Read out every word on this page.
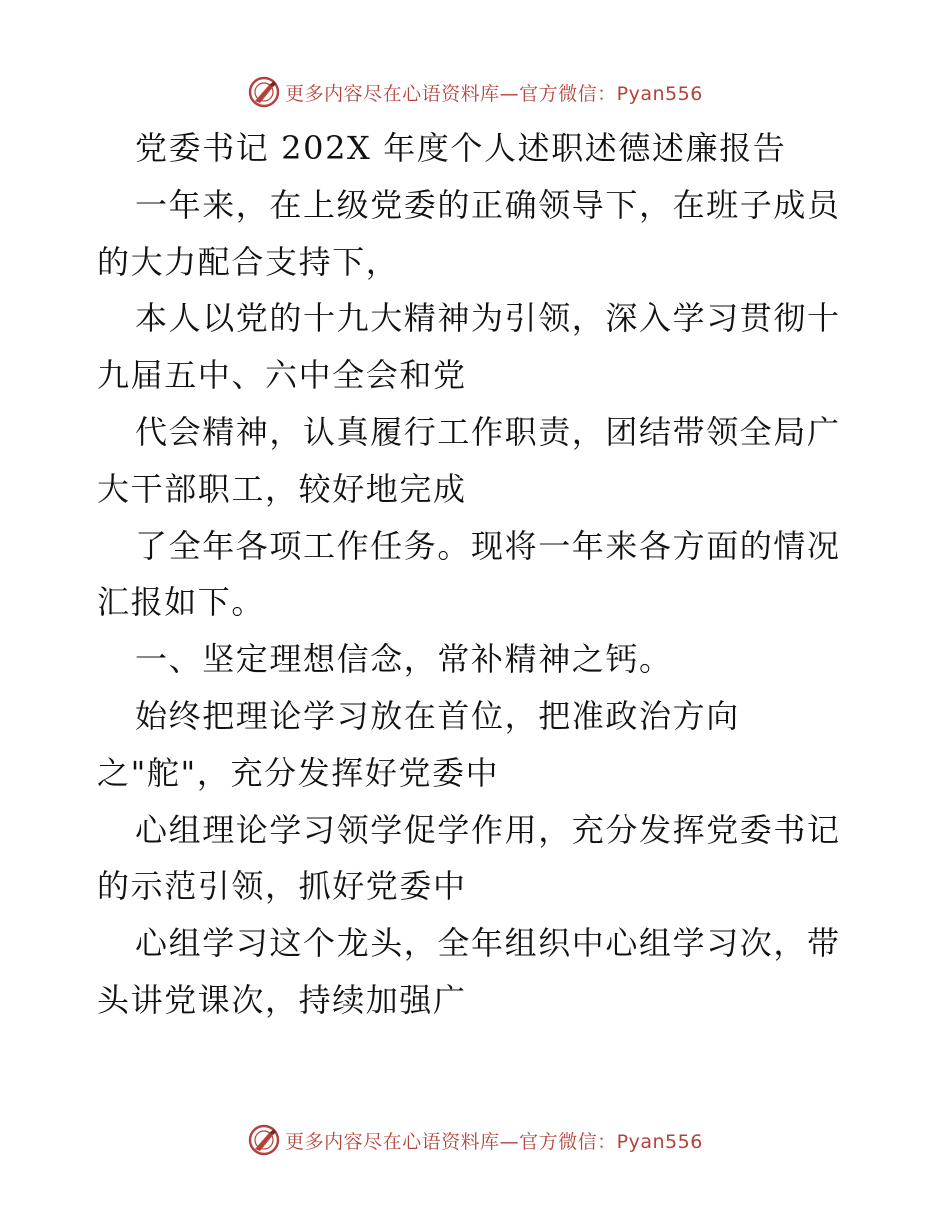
更多内容尽在心语资料库—官方微信：Pyan556
党委书记 202X 年度个人述职述德述廉报告
一年来，在上级党委的正确领导下，在班子成员
的大力配合支持下，
本人以党的十九大精神为引领，深入学习贯彻十
九届五中、六中全会和党
代会精神，认真履行工作职责，团结带领全局广
大干部职工，较好地完成
了全年各项工作任务。现将一年来各方面的情况
汇报如下。
一、坚定理想信念，常补精神之钙。
始终把理论学习放在首位，把准政治方向
之"舵"，充分发挥好党委中
心组理论学习领学促学作用，充分发挥党委书记
的示范引领，抓好党委中
心组学习这个龙头，全年组织中心组学习次，带
头讲党课次，持续加强广
更多内容尽在心语资料库—官方微信：Pyan556
